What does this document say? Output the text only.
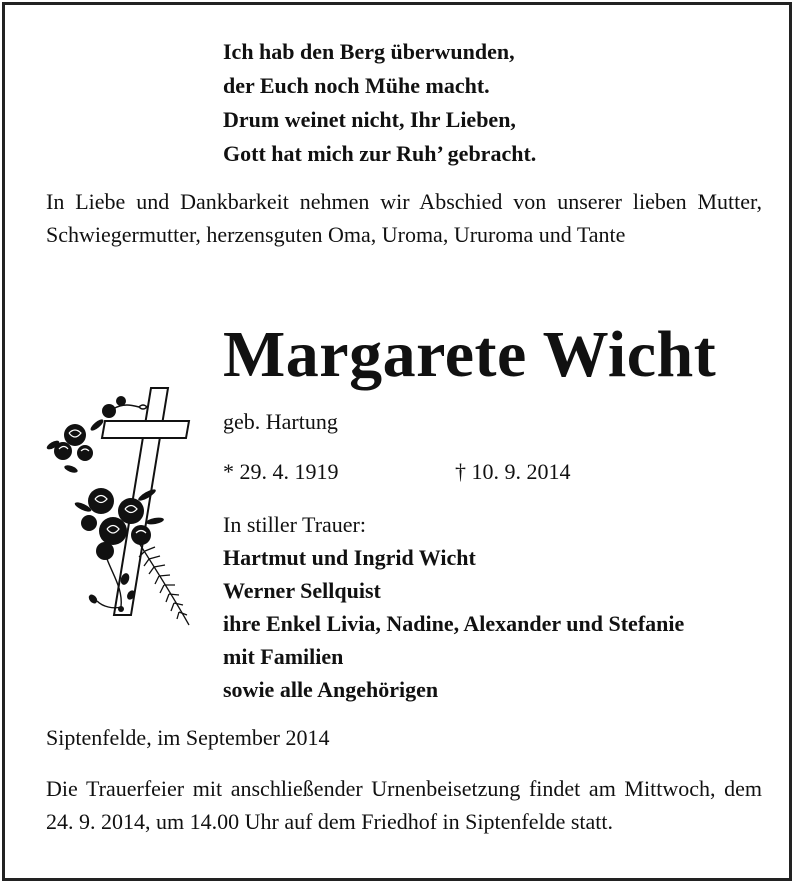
Ich hab den Berg überwunden,
der Euch noch Mühe macht.
Drum weinet nicht, Ihr Lieben,
Gott hat mich zur Ruh’ gebracht.

In Liebe und Dankbarkeit nehmen wir Abschied von unserer lieben Mutter, Schwiegermutter, herzensguten Oma, Uroma, Ururoma und Tante

Margarete Wicht

geb. Hartung

* 29. 4. 1919	† 10. 9. 2014

In stiller Trauer:

Hartmut und Ingrid Wicht
Werner Sellquist
ihre Enkel Livia, Nadine, Alexander und Stefanie
mit Familien
sowie alle Angehörigen

Siptenfelde, im September 2014

Die Trauerfeier mit anschließender Urnenbeisetzung findet am Mittwoch, dem 24. 9. 2014, um 14.00 Uhr auf dem Friedhof in Siptenfelde statt.
